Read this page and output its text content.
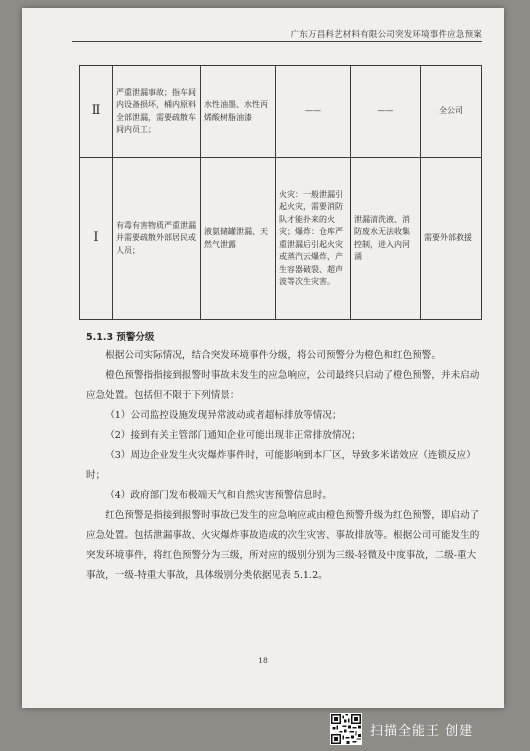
广东万昌科艺材料有限公司突发环境事件应急预案
Ⅱ	严重泄漏事故；指车间内设备损坏，桶内原料全部泄漏，需要疏散车间内员工；	水性油墨、水性丙烯酸树脂油漆	——	——	全公司
Ⅰ	有毒有害物质严重泄漏并需要疏散外部居民或人员；	液氨储罐泄漏、天然气泄露	火灾：一般泄漏引起火灾，需要消防队才能扑来的火灾；爆炸：仓库严重泄漏后引起火灾或蒸汽云爆炸，产生容器破裂、超声波等次生灾害。	泄漏清洗液、消防废水无法收集控制，进入内河涌	需要外部救援
5.1.3 预警分级

根据公司实际情况，结合突发环境事件分级，将公司预警分为橙色和红色预警。

橙色预警指指接到报警时事故未发生的应急响应，公司最终只启动了橙色预警，并未启动应急处置。包括但不限于下列情景：

（1）公司监控设施发现异常波动或者超标排放等情况；

（2）接到有关主管部门通知企业可能出现非正常排放情况；

（3）周边企业发生火灾爆炸事件时，可能影响到本厂区，导致多米诺效应（连锁反应）时；

（4）政府部门发布极端天气和自然灾害预警信息时。

红色预警是指接到报警时事故已发生的应急响应或由橙色预警升级为红色预警，即启动了应急处置。包括泄漏事故、火灾爆炸事故造成的次生灾害、事故排放等。根据公司可能发生的突发环境事件，将红色预警分为三级，所对应的级别分别为三级-轻微及中度事故，二级-重大事故，一级-特重大事故，具体级别分类依据见表 5.1.2。

18
扫描全能王 创建
